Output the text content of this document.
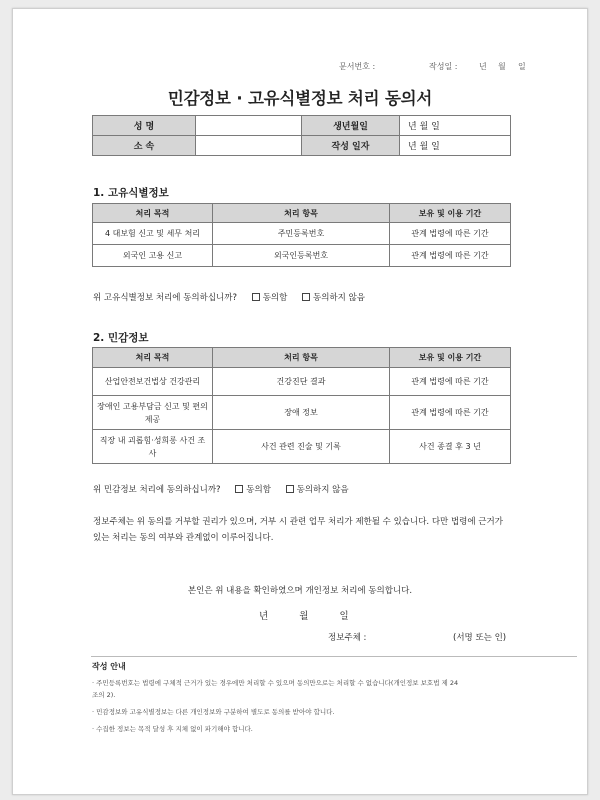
문서번호 :	작성일 :	년 월 일
민감정보 · 고유식별정보 처리 동의서
성 명		생년월일	년 월 일
소 속		작성 일자	년 월 일
1. 고유식별정보
처리 목적	처리 항목	보유 및 이용 기간
4 대보험 신고 및 세무 처리	주민등록번호	관계 법령에 따른 기간
외국인 고용 신고	외국인등록번호	관계 법령에 따른 기간
위 고유식별정보 처리에 동의하십니까?	동의함	동의하지 않음
2. 민감정보
처리 목적	처리 항목	보유 및 이용 기간
산업안전보건법상 건강관리	건강진단 결과	관계 법령에 따른 기간
장애인 고용부담금 신고 및 편의 제공	장애 정보	관계 법령에 따른 기간
직장 내 괴롭힘·성희롱 사건 조사	사건 관련 진술 및 기록	사건 종결 후 3 년
위 민감정보 처리에 동의하십니까?	동의함	동의하지 않음
정보주체는 위 동의를 거부할 권리가 있으며, 거부 시 관련 업무 처리가 제한될 수 있습니다. 다만 법령에 근거가
있는 처리는 동의 여부와 관계없이 이루어집니다.
본인은 위 내용을 확인하였으며 개인정보 처리에 동의합니다.
년	월	일
정보주체 :	(서명 또는 인)
작성 안내
· 주민등록번호는 법령에 구체적 근거가 있는 경우에만 처리할 수 있으며 동의만으로는 처리할 수 없습니다(개인정보 보호법 제 24
조의 2).
· 민감정보와 고유식별정보는 다른 개인정보와 구분하여 별도로 동의를 받아야 합니다.
· 수집한 정보는 목적 달성 후 지체 없이 파기해야 합니다.
